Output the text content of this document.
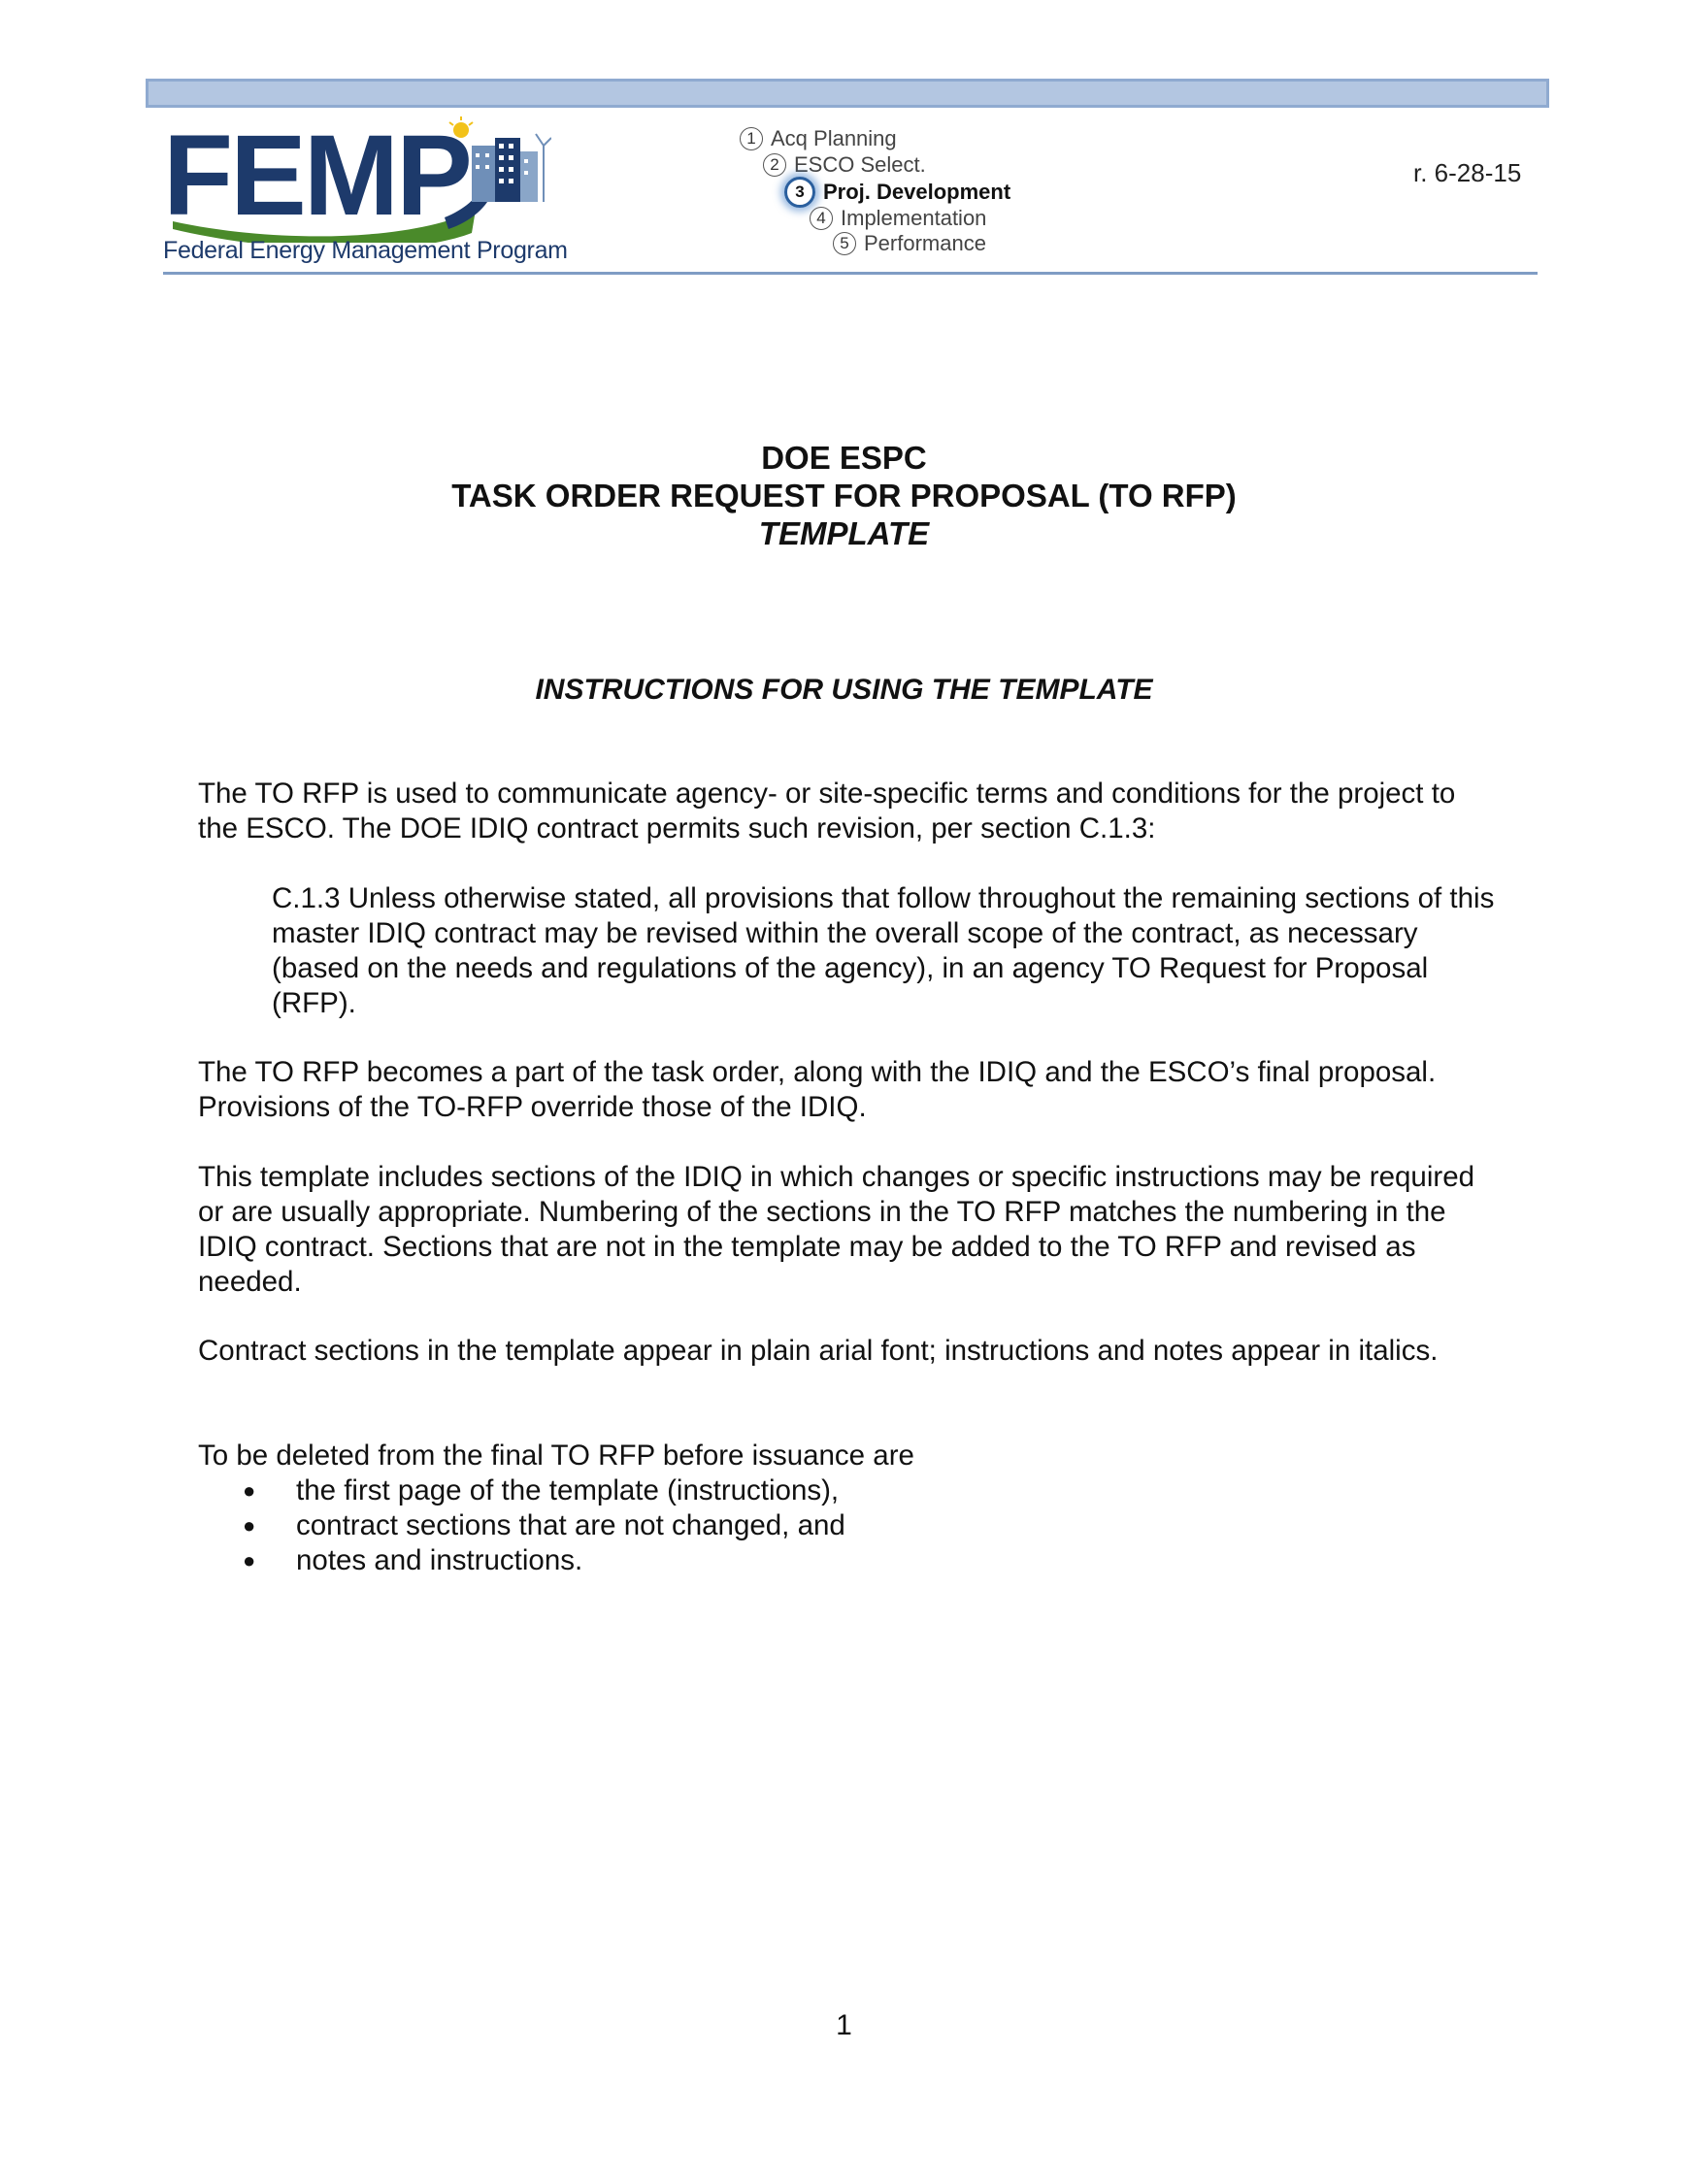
FEMP
Federal Energy Management Program
1 Acq Planning
2 ESCO Select.
3 Proj. Development
4 Implementation
5 Performance
r. 6-28-15
DOE ESPC
TASK ORDER REQUEST FOR PROPOSAL (TO RFP)
TEMPLATE
INSTRUCTIONS FOR USING THE TEMPLATE
The TO RFP is used to communicate agency- or site-specific terms and conditions for the project to the ESCO. The DOE IDIQ contract permits such revision, per section C.1.3:
C.1.3 Unless otherwise stated, all provisions that follow throughout the remaining sections of this master IDIQ contract may be revised within the overall scope of the contract, as necessary (based on the needs and regulations of the agency), in an agency TO Request for Proposal (RFP).
The TO RFP becomes a part of the task order, along with the IDIQ and the ESCO’s final proposal. Provisions of the TO-RFP override those of the IDIQ.
This template includes sections of the IDIQ in which changes or specific instructions may be required or are usually appropriate. Numbering of the sections in the TO RFP matches the numbering in the IDIQ contract. Sections that are not in the template may be added to the TO RFP and revised as needed.
Contract sections in the template appear in plain arial font; instructions and notes appear in italics.
To be deleted from the final TO RFP before issuance are
● the first page of the template (instructions),
● contract sections that are not changed, and
● notes and instructions.
1
